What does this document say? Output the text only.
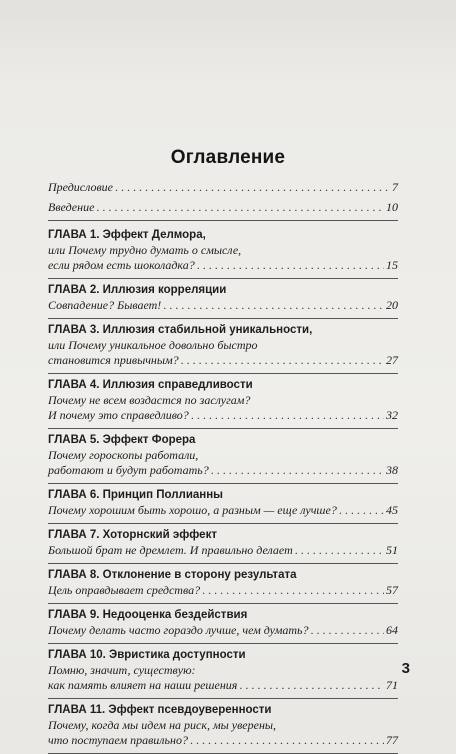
Оглавление
Предисловие . . .	7
Введение . . .	10
ГЛАВА 1. Эффект Делмора,
или Почему трудно думать о смысле,
если рядом есть шоколадка? . . .	15
ГЛАВА 2. Иллюзия корреляции
Совпадение? Бывает! . . .	20
ГЛАВА 3. Иллюзия стабильной уникальности,
или Почему уникальное довольно быстро
становится привычным? . . .	27
ГЛАВА 4. Иллюзия справедливости
Почему не всем воздастся по заслугам?
И почему это справедливо? . . .	32
ГЛАВА 5. Эффект Форера
Почему гороскопы работали,
работают и будут работать? . . .	38
ГЛАВА 6. Принцип Поллианны
Почему хорошим быть хорошо, а разным — еще лучше? . . .	45
ГЛАВА 7. Хоторнский эффект
Большой брат не дремлет. И правильно делает . . .	51
ГЛАВА 8. Отклонение в сторону результата
Цель оправдывает средства? . . .	57
ГЛАВА 9. Недооценка бездействия
Почему делать часто гораздо лучше, чем думать? . . .	64
ГЛАВА 10. Эвристика доступности
Помню, значит, существую:
как память влияет на наши решения . . .	71
ГЛАВА 11. Эффект псевдоуверенности
Почему, когда мы идем на риск, мы уверены,
что поступаем правильно? . . .	77
3
